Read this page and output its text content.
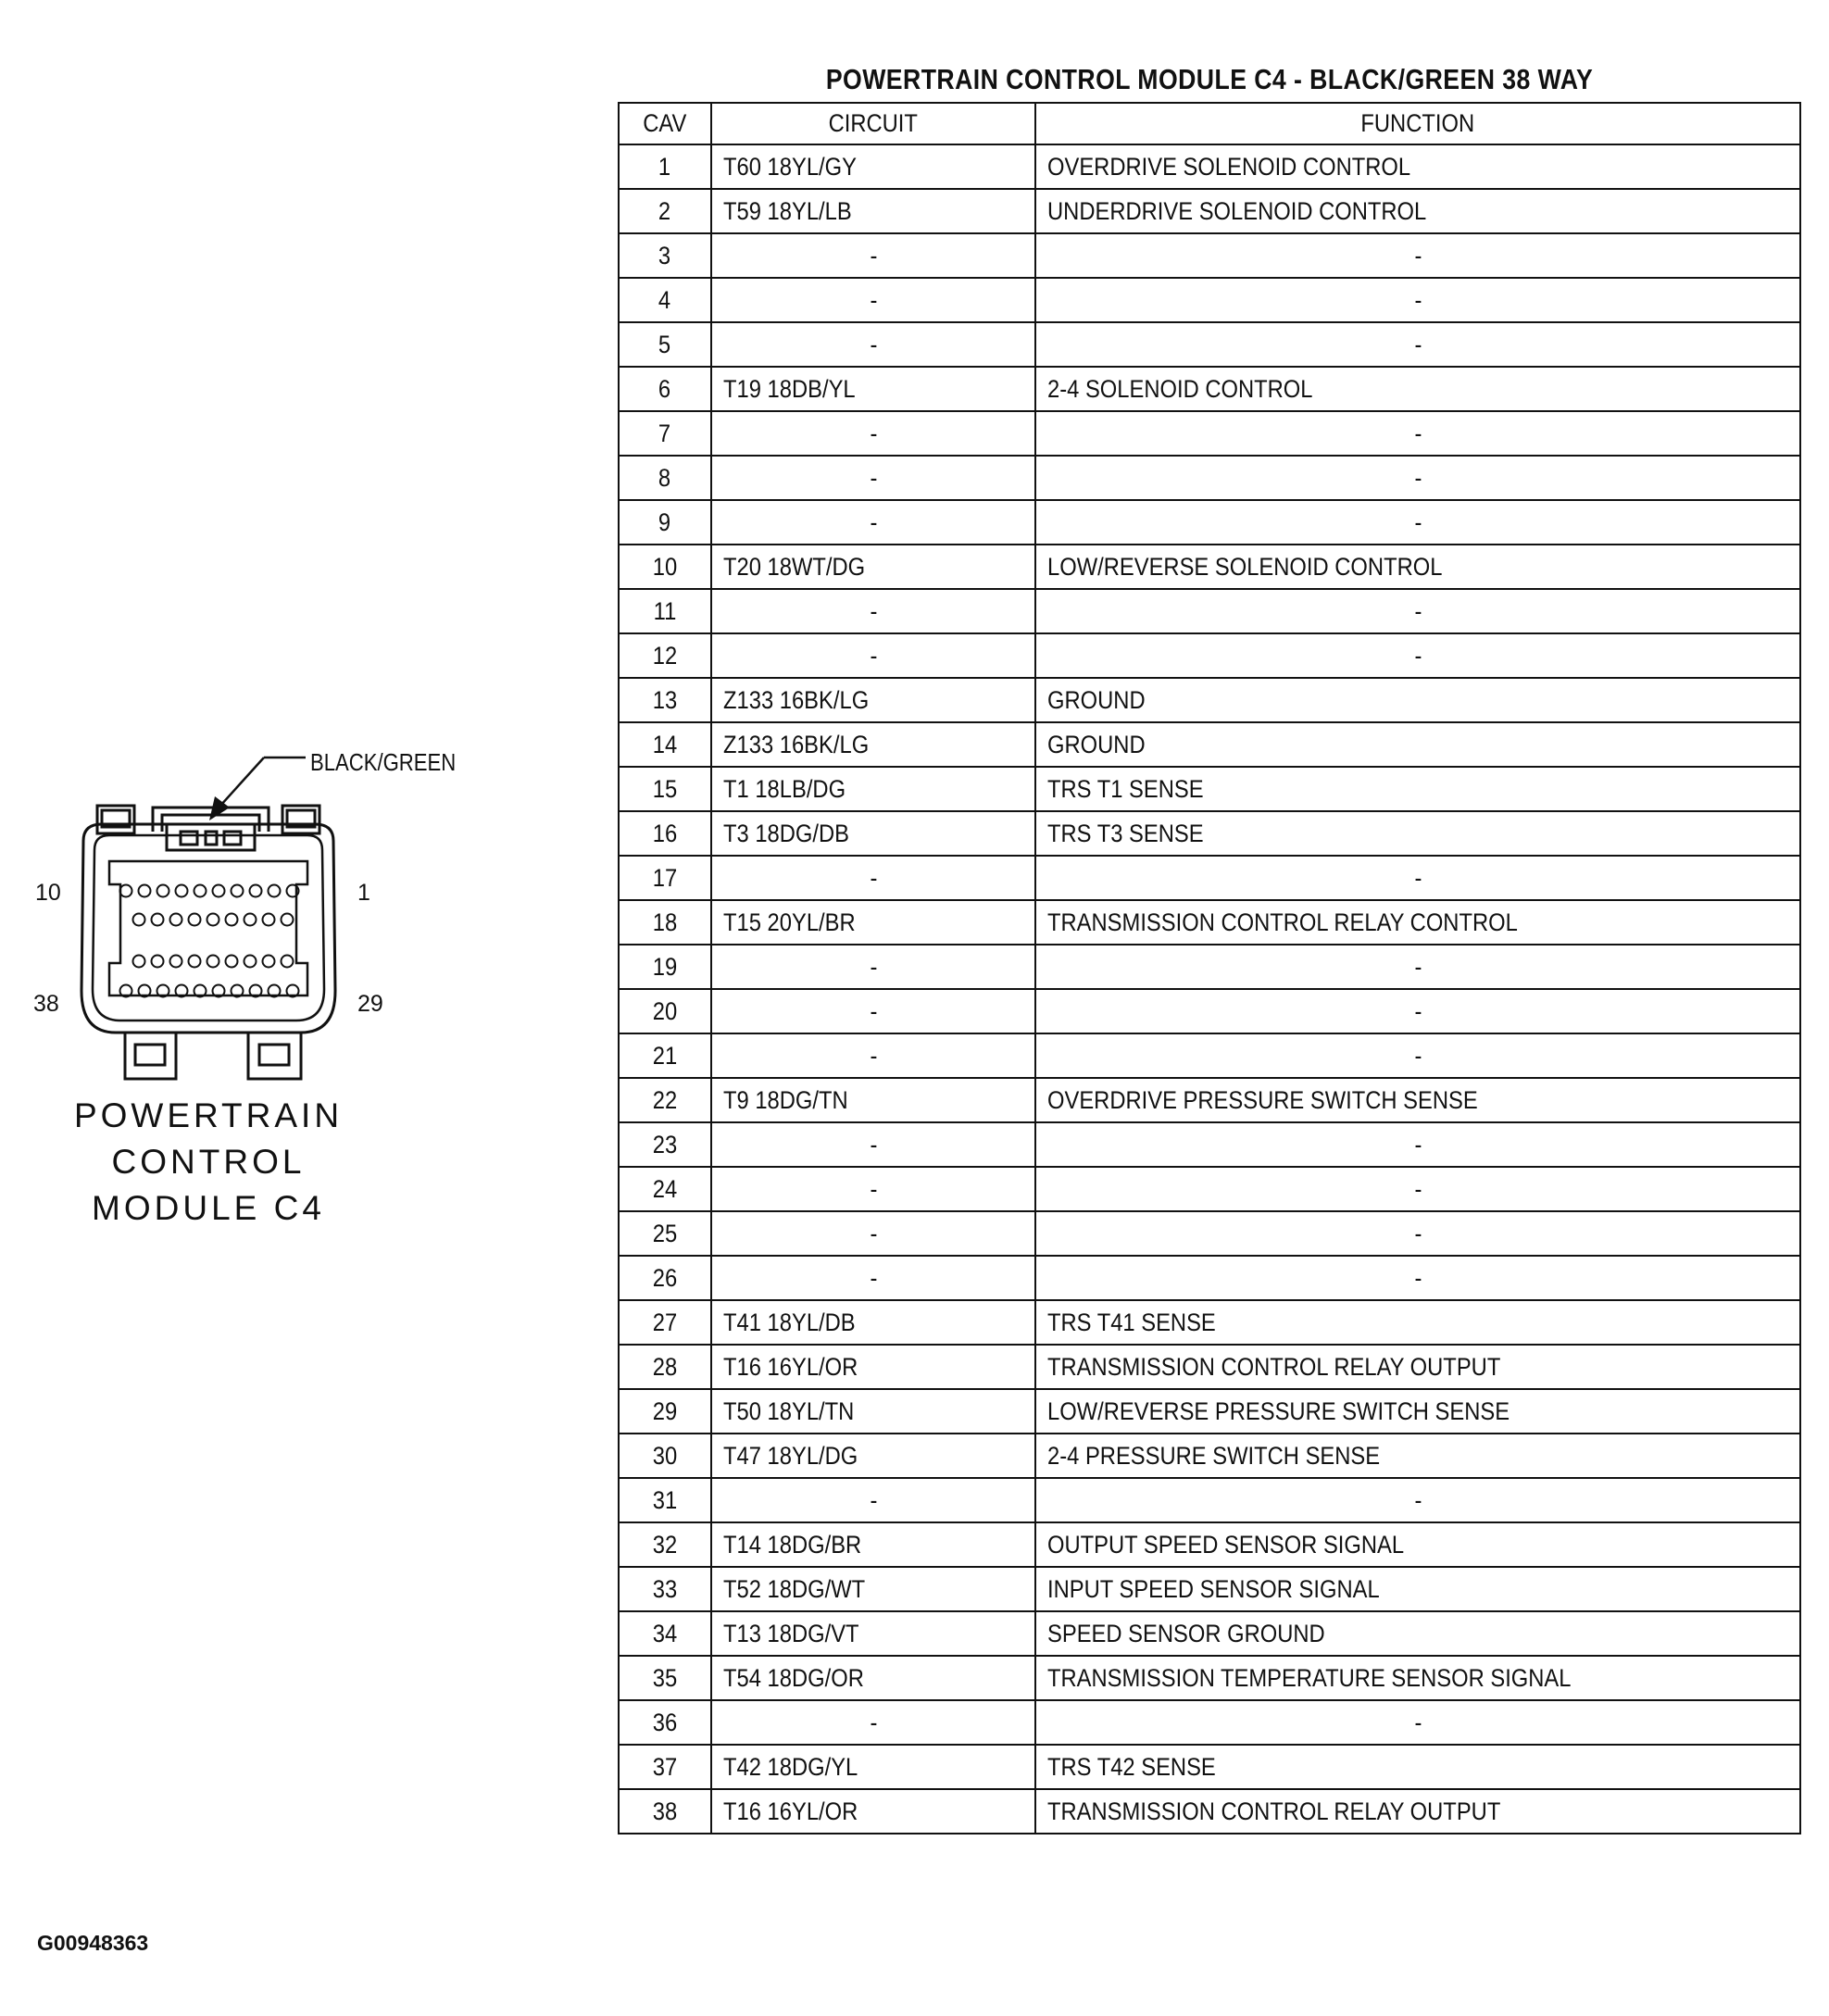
POWERTRAIN CONTROL MODULE C4 - BLACK/GREEN 38 WAY
CAV	CIRCUIT	FUNCTION
1	T60 18YL/GY	OVERDRIVE SOLENOID CONTROL
2	T59 18YL/LB	UNDERDRIVE SOLENOID CONTROL
3	-	-
4	-	-
5	-	-
6	T19 18DB/YL	2-4 SOLENOID CONTROL
7	-	-
8	-	-
9	-	-
10	T20 18WT/DG	LOW/REVERSE SOLENOID CONTROL
11	-	-
12	-	-
13	Z133 16BK/LG	GROUND
14	Z133 16BK/LG	GROUND
15	T1 18LB/DG	TRS T1 SENSE
16	T3 18DG/DB	TRS T3 SENSE
17	-	-
18	T15 20YL/BR	TRANSMISSION CONTROL RELAY CONTROL
19	-	-
20	-	-
21	-	-
22	T9 18DG/TN	OVERDRIVE PRESSURE SWITCH SENSE
23	-	-
24	-	-
25	-	-
26	-	-
27	T41 18YL/DB	TRS T41 SENSE
28	T16 16YL/OR	TRANSMISSION CONTROL RELAY OUTPUT
29	T50 18YL/TN	LOW/REVERSE PRESSURE SWITCH SENSE
30	T47 18YL/DG	2-4 PRESSURE SWITCH SENSE
31	-	-
32	T14 18DG/BR	OUTPUT SPEED SENSOR SIGNAL
33	T52 18DG/WT	INPUT SPEED SENSOR SIGNAL
34	T13 18DG/VT	SPEED SENSOR GROUND
35	T54 18DG/OR	TRANSMISSION TEMPERATURE SENSOR SIGNAL
36	-	-
37	T42 18DG/YL	TRS T42 SENSE
38	T16 16YL/OR	TRANSMISSION CONTROL RELAY OUTPUT
BLACK/GREEN
10	1
38	29
POWERTRAIN
CONTROL
MODULE C4
G00948363
